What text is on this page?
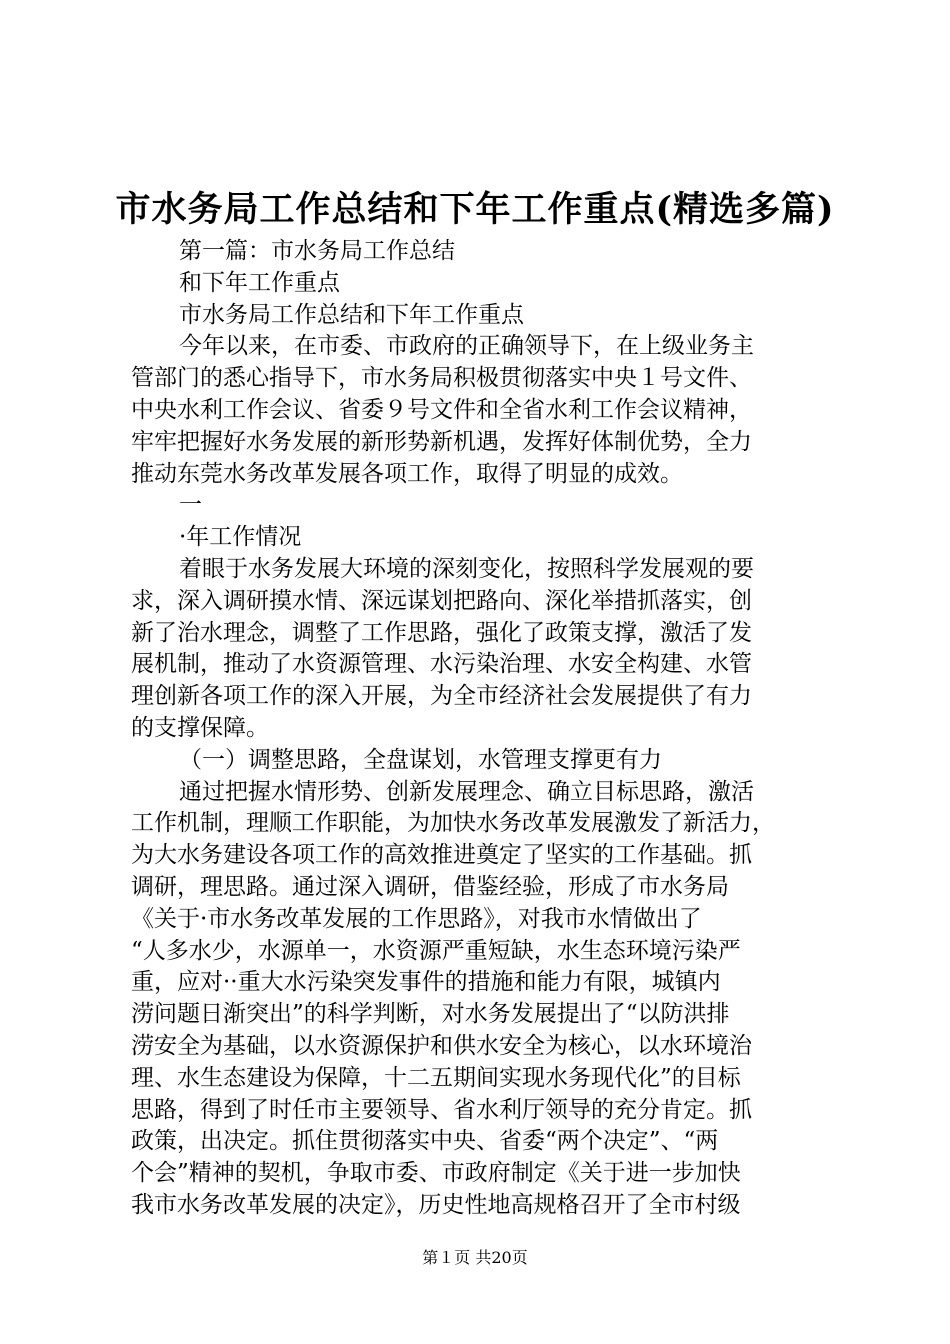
市水务局工作总结和下年工作重点(精选多篇)
第一篇：市水务局工作总结
和下年工作重点
市水务局工作总结和下年工作重点
今年以来，在市委、市政府的正确领导下，在上级业务主
管部门的悉心指导下，市水务局积极贯彻落实中央１号文件、
中央水利工作会议、省委９号文件和全省水利工作会议精神，
牢牢把握好水务发展的新形势新机遇，发挥好体制优势，全力
推动东莞水务改革发展各项工作，取得了明显的成效。
一
·年工作情况
着眼于水务发展大环境的深刻变化，按照科学发展观的要
求，深入调研摸水情、深远谋划把路向、深化举措抓落实，创
新了治水理念，调整了工作思路，强化了政策支撑，激活了发
展机制，推动了水资源管理、水污染治理、水安全构建、水管
理创新各项工作的深入开展，为全市经济社会发展提供了有力
的支撑保障。
（一）调整思路，全盘谋划，水管理支撑更有力
通过把握水情形势、创新发展理念、确立目标思路，激活
工作机制，理顺工作职能，为加快水务改革发展激发了新活力，
为大水务建设各项工作的高效推进奠定了坚实的工作基础。抓
调研，理思路。通过深入调研，借鉴经验，形成了市水务局
《关于·市水务改革发展的工作思路》，对我市水情做出了
“人多水少，水源单一，水资源严重短缺，水生态环境污染严
重，应对··重大水污染突发事件的措施和能力有限，城镇内
涝问题日渐突出”的科学判断，对水务发展提出了“以防洪排
涝安全为基础，以水资源保护和供水安全为核心，以水环境治
理、水生态建设为保障，十二五期间实现水务现代化”的目标
思路，得到了时任市主要领导、省水利厅领导的充分肯定。抓
政策，出决定。抓住贯彻落实中央、省委“两个决定”、“两
个会”精神的契机，争取市委、市政府制定《关于进一步加快
我市水务改革发展的决定》，历史性地高规格召开了全市村级
第１页 共20页
